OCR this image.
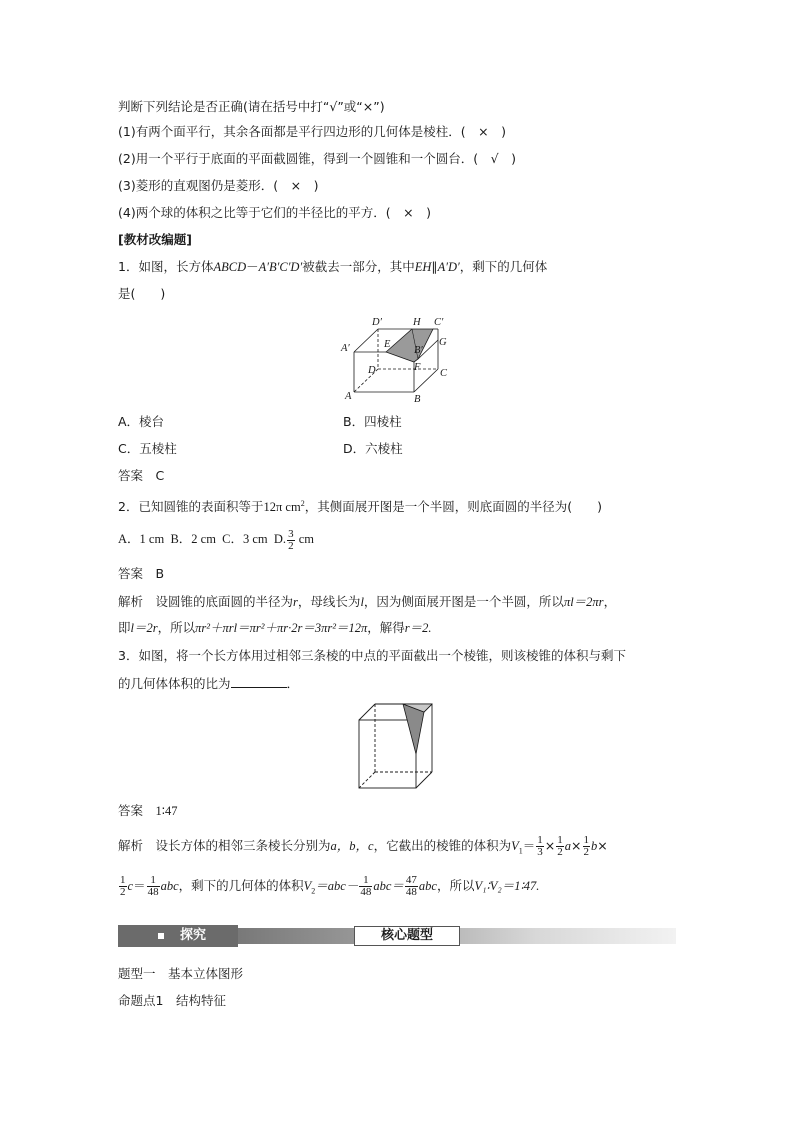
判断下列结论是否正确(请在括号中打“√”或“×”)
(1)有两个面平行，其余各面都是平行四边形的几何体是棱柱．(　×　)
(2)用一个平行于底面的平面截圆锥，得到一个圆锥和一个圆台．(　√　)
(3)菱形的直观图仍是菱形．(　×　)
(4)两个球的体积之比等于它们的半径比的平方．(　×　)
[教材改编题]
1．如图，长方体ABCD－A′B′C′D′被截去一部分，其中EH∥A′D′，剩下的几何体
是(　　)
D′	H C′
A′	E
B′
G
D	F
C
A	B
A．棱台	B．四棱柱
C．五棱柱	D．六棱柱
答案　 C
2．已知圆锥的表面积等于12π $cm^2$，其侧面展开图是一个半圆，则底面圆的半径为(　　)
A．1 cm B．2 cm C．3 cm D. $\frac{3}{2}$ cm
答案　 B
解析　 设圆锥的底面圆的半径为r，母线长为l，因为侧面展开图是一个半圆，所以πl＝2πr，
即l＝2r，所以πr²＋πrl＝πr²＋πr·2r＝3πr²＝12π，解得r＝2.
3．如图，将一个长方体用过相邻三条棱的中点的平面截出一个棱锥，则该棱锥的体积与剩下
的几何体体积的比为	．
答案　 1∶47
解析　 设长方体的相邻三条棱长分别为a，b，c，它截出的棱锥的体积为$V_1= \frac{1}{3} \times \frac{1}{2} a\times \frac{1}{2} b\times$
$\frac{1}{2} c= \frac{1}{48}$ abc，剩下的几何体的体积$V_2=abc- \frac{1}{48} abc= \frac{47}{48}$ abc，所以V₁∶V₂＝1∶47.
探究	核心题型
题型一　基本立体图形
命题点1　结构特征
